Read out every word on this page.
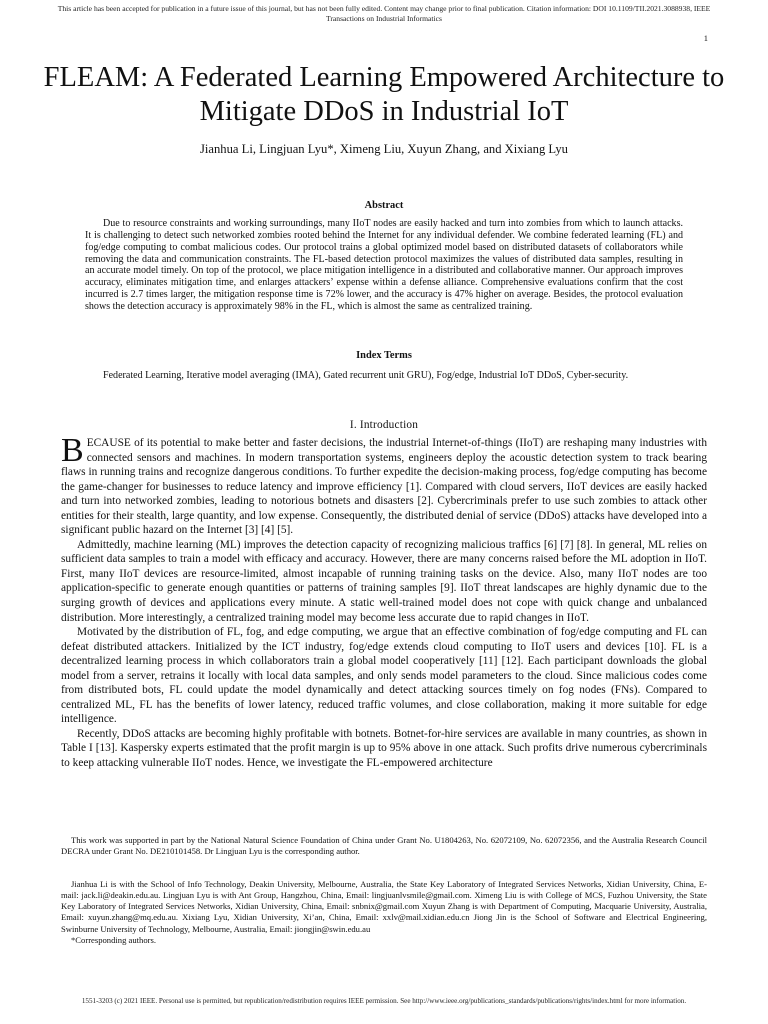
This article has been accepted for publication in a future issue of this journal, but has not been fully edited. Content may change prior to final publication. Citation information: DOI 10.1109/TII.2021.3088938, IEEE
Transactions on Industrial Informatics
1
FLEAM: A Federated Learning Empowered Architecture to Mitigate DDoS in Industrial IoT
Jianhua Li, Lingjuan Lyu*, Ximeng Liu, Xuyun Zhang, and Xixiang Lyu
Abstract

Due to resource constraints and working surroundings, many IIoT nodes are easily hacked and turn into zombies from which to launch attacks. It is challenging to detect such networked zombies rooted behind the Internet for any individual defender. We combine federated learning (FL) and fog/edge computing to combat malicious codes. Our protocol trains a global optimized model based on distributed datasets of collaborators while removing the data and communication constraints. The FL-based detection protocol maximizes the values of distributed data samples, resulting in an accurate model timely. On top of the protocol, we place mitigation intelligence in a distributed and collaborative manner. Our approach improves accuracy, eliminates mitigation time, and enlarges attackers’ expense within a defense alliance. Comprehensive evaluations confirm that the cost incurred is 2.7 times larger, the mitigation response time is 72% lower, and the accuracy is 47% higher on average. Besides, the protocol evaluation shows the detection accuracy is approximately 98% in the FL, which is almost the same as centralized training.

Index Terms

Federated Learning, Iterative model averaging (IMA), Gated recurrent unit GRU), Fog/edge, Industrial IoT DDoS, Cyber-security.

I. Introduction

BECAUSE of its potential to make better and faster decisions, the industrial Internet-of-things (IIoT) are reshaping many industries with connected sensors and machines. In modern transportation systems, engineers deploy the acoustic detection system to track bearing flaws in running trains and recognize dangerous conditions. To further expedite the decision-making process, fog/edge computing has become the game-changer for businesses to reduce latency and improve efficiency [1]. Compared with cloud servers, IIoT devices are easily hacked and turn into networked zombies, leading to notorious botnets and disasters [2]. Cybercriminals prefer to use such zombies to attack other entities for their stealth, large quantity, and low expense. Consequently, the distributed denial of service (DDoS) attacks have developed into a significant public hazard on the Internet [3] [4] [5].

Admittedly, machine learning (ML) improves the detection capacity of recognizing malicious traffics [6] [7] [8]. In general, ML relies on sufficient data samples to train a model with efficacy and accuracy. However, there are many concerns raised before the ML adoption in IIoT. First, many IIoT devices are resource-limited, almost incapable of running training tasks on the device. Also, many IIoT nodes are too application-specific to generate enough quantities or patterns of training samples [9]. IIoT threat landscapes are highly dynamic due to the surging growth of devices and applications every minute. A static well-trained model does not cope with quick change and unbalanced distribution. More interestingly, a centralized training model may become less accurate due to rapid changes in IIoT.

Motivated by the distribution of FL, fog, and edge computing, we argue that an effective combination of fog/edge computing and FL can defeat distributed attackers. Initialized by the ICT industry, fog/edge extends cloud computing to IIoT users and devices [10]. FL is a decentralized learning process in which collaborators train a global model cooperatively [11] [12]. Each participant downloads the global model from a server, retrains it locally with local data samples, and only sends model parameters to the cloud. Since malicious codes come from distributed bots, FL could update the model dynamically and detect attacking sources timely on fog nodes (FNs). Compared to centralized ML, FL has the benefits of lower latency, reduced traffic volumes, and close collaboration, making it more suitable for edge intelligence.

Recently, DDoS attacks are becoming highly profitable with botnets. Botnet-for-hire services are available in many countries, as shown in Table I [13]. Kaspersky experts estimated that the profit margin is up to 95% above in one attack. Such profits drive numerous cybercriminals to keep attacking vulnerable IIoT nodes. Hence, we investigate the FL-empowered architecture

This work was supported in part by the National Natural Science Foundation of China under Grant No. U1804263, No. 62072109, No. 62072356, and the Australia Research Council DECRA under Grant No. DE210101458. Dr Lingjuan Lyu is the corresponding author.

Jianhua Li is with the School of Info Technology, Deakin University, Melbourne, Australia, the State Key Laboratory of Integrated Services Networks, Xidian University, China, E-mail: jack.li@deakin.edu.au. Lingjuan Lyu is with Ant Group, Hangzhou, China, Email: lingjuanlvsmile@gmail.com. Ximeng Liu is with College of MCS, Fuzhou University, the State Key Laboratory of Integrated Services Networks, Xidian University, China, Email: snbnix@gmail.com Xuyun Zhang is with Department of Computing, Macquarie University, Australia, Email: xuyun.zhang@mq.edu.au. Xixiang Lyu, Xidian University, Xi’an, China, Email: xxlv@mail.xidian.edu.cn Jiong Jin is the School of Software and Electrical Engineering, Swinburne University of Technology, Melbourne, Australia, Email: jiongjin@swin.edu.au

*Corresponding authors.

1551-3203 (c) 2021 IEEE. Personal use is permitted, but republication/redistribution requires IEEE permission. See http://www.ieee.org/publications_standards/publications/rights/index.html for more information.
